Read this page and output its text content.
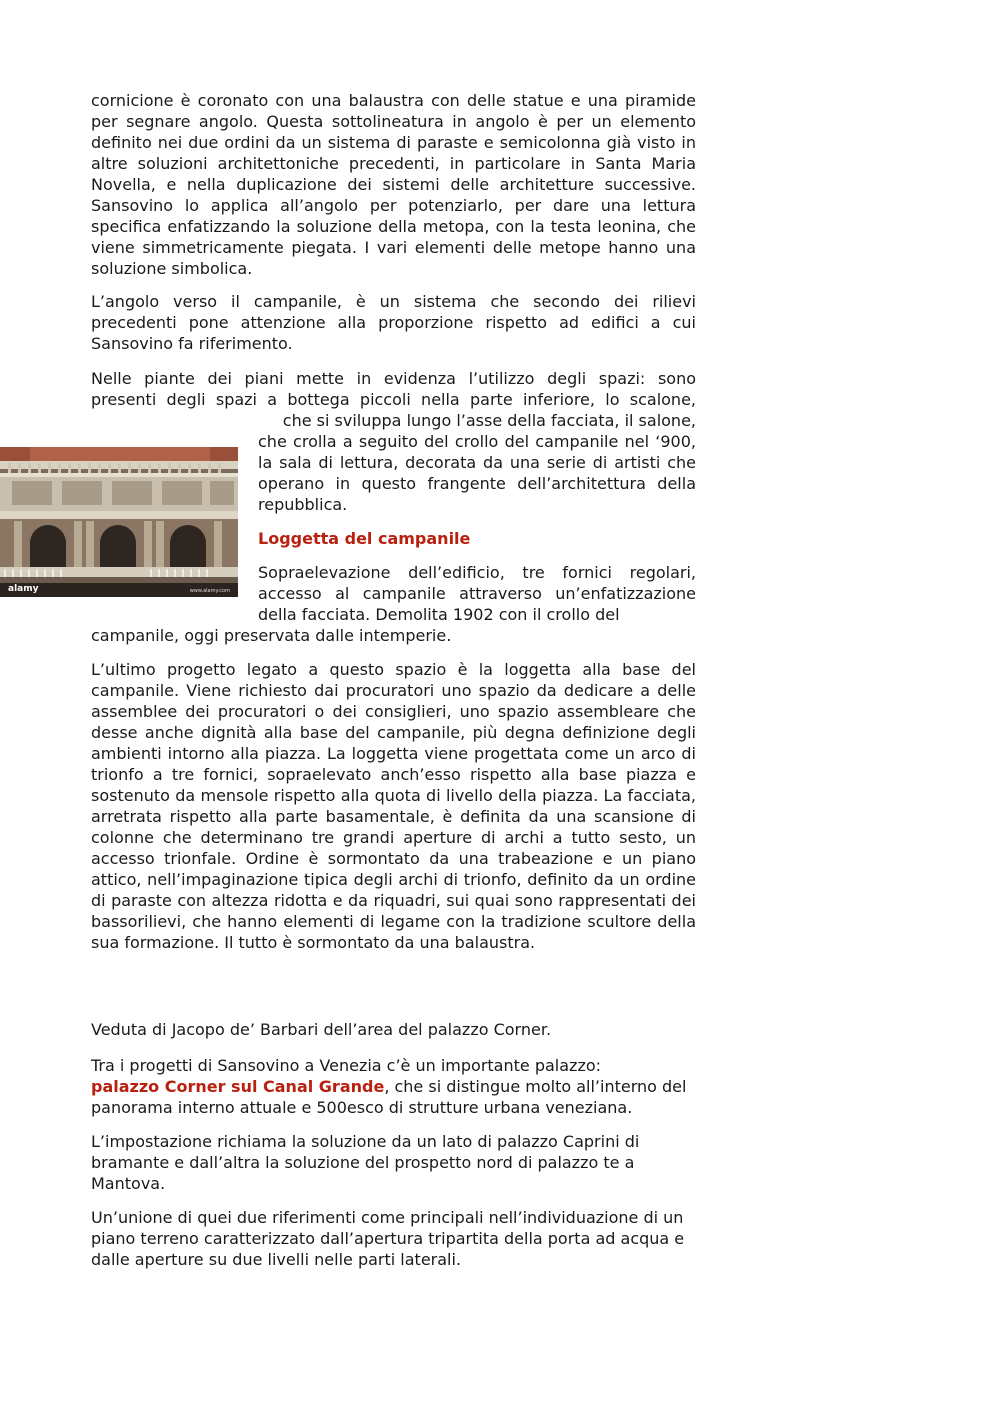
cornicione è coronato con una balaustra con delle statue e una piramide per segnare angolo. Questa sottolineatura in angolo è per un elemento definito nei due ordini da un sistema di paraste e semicolonna già visto in altre soluzioni architettoniche precedenti, in particolare in Santa Maria Novella, e nella duplicazione dei sistemi delle architetture successive. Sansovino lo applica all’angolo per potenziarlo, per dare una lettura specifica enfatizzando la soluzione della metopa, con la testa leonina, che viene simmetricamente piegata. I vari elementi delle metope hanno una soluzione simbolica.

L’angolo verso il campanile, è un sistema che secondo dei rilievi precedenti pone attenzione alla proporzione rispetto ad edifici a cui Sansovino fa riferimento.

Nelle piante dei piani mette in evidenza l’utilizzo degli spazi: sono

presenti degli spazi a bottega piccoli nella parte inferiore, lo scalone,

che si sviluppa lungo l’asse della facciata, il salone,

che crolla a seguito del crollo del campanile nel ‘900, la sala di lettura, decorata da una serie di artisti che operano in questo frangente dell’architettura della repubblica.

alamy	www.alamy.com

Loggetta del campanile

Sopraelevazione dell’edificio, tre fornici regolari, accesso al campanile attraverso un’enfatizzazione della facciata. Demolita 1902 con il crollo del

campanile, oggi preservata dalle intemperie.

L’ultimo progetto legato a questo spazio è la loggetta alla base del campanile. Viene richiesto dai procuratori uno spazio da dedicare a delle assemblee dei procuratori o dei consiglieri, uno spazio assembleare che desse anche dignità alla base del campanile, più degna definizione degli ambienti intorno alla piazza. La loggetta viene progettata come un arco di trionfo a tre fornici, sopraelevato anch’esso rispetto alla base piazza e sostenuto da mensole rispetto alla quota di livello della piazza. La facciata, arretrata rispetto alla parte basamentale, è definita da una scansione di colonne che determinano tre grandi aperture di archi a tutto sesto, un accesso trionfale. Ordine è sormontato da una trabeazione e un piano attico, nell’impaginazione tipica degli archi di trionfo, definito da un ordine di paraste con altezza ridotta e da riquadri, sui quai sono rappresentati dei bassorilievi, che hanno elementi di legame con la tradizione scultore della sua formazione. Il tutto è sormontato da una balaustra.

Veduta di Jacopo de’ Barbari dell’area del palazzo Corner.

Tra i progetti di Sansovino a Venezia c’è un importante palazzo:
palazzo Corner sul Canal Grande, che si distingue molto all’interno del panorama interno attuale e 500esco di strutture urbana veneziana.

L’impostazione richiama la soluzione da un lato di palazzo Caprini di bramante e dall’altra la soluzione del prospetto nord di palazzo te a Mantova.

Un’unione di quei due riferimenti come principali nell’individuazione di un piano terreno caratterizzato dall’apertura tripartita della porta ad acqua e dalle aperture su due livelli nelle parti laterali.
